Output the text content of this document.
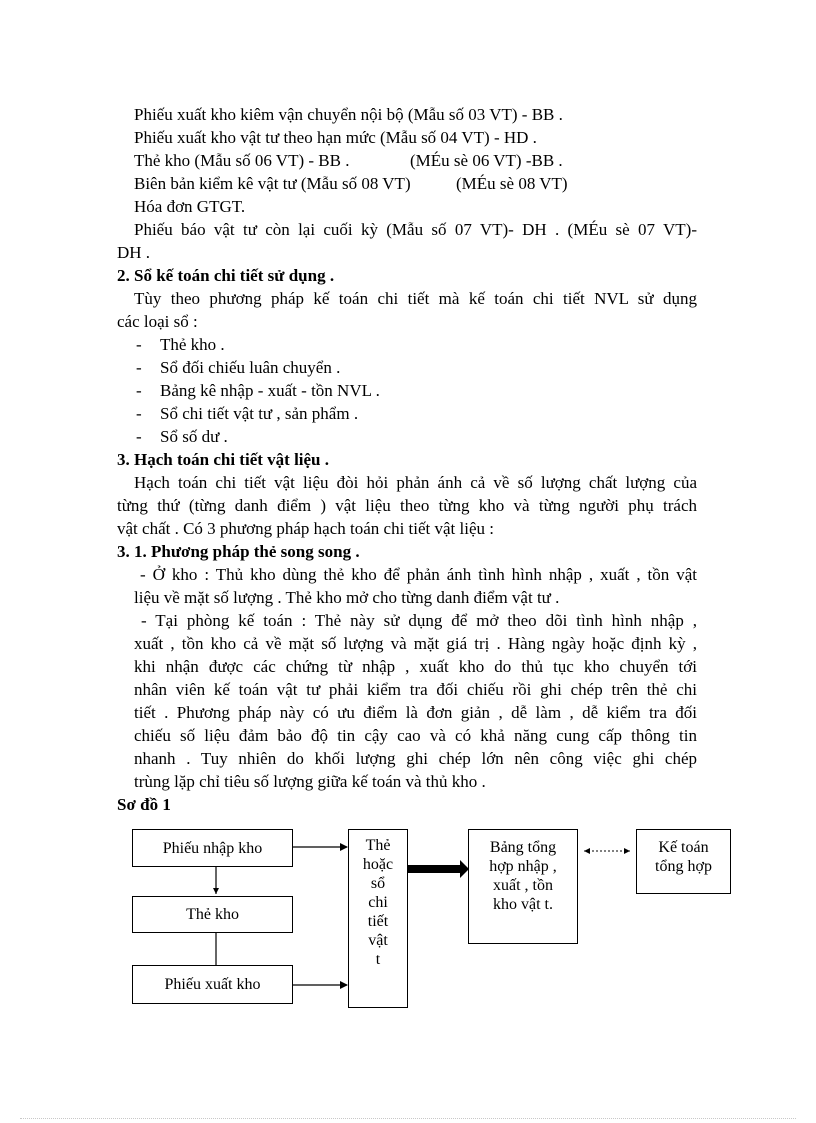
Phiếu xuất kho kiêm vận chuyển nội bộ (Mẫu số 03 VT) - BB .
Phiếu xuất kho vật tư theo hạn mức (Mẫu số 04 VT) - HD .
Thẻ kho (Mẫu số 06 VT) - BB .	(MÉu sè 06 VT) -BB .
Biên bản kiểm kê vật tư (Mẫu số 08 VT)	(MÉu sè 08 VT)
Hóa đơn GTGT.
Phiếu báo vật tư còn lại cuối kỳ (Mẫu số 07 VT)- DH . (MÉu sè 07 VT)-
DH .
2. Sổ kế toán chi tiết sử dụng .
Tùy theo phương pháp kế toán chi tiết mà kế toán chi tiết NVL sử dụng
các loại sổ :
- Thẻ kho .
- Sổ đối chiếu luân chuyển .
- Bảng kê nhập - xuất - tồn NVL .
- Sổ chi tiết vật tư , sản phẩm .
- Sổ số dư .
3. Hạch toán chi tiết vật liệu .
Hạch toán chi tiết vật liệu đòi hỏi phản ánh cả về số lượng chất lượng của
từng thứ (từng danh điểm ) vật liệu theo từng kho và từng người phụ trách
vật chất . Có 3 phương pháp hạch toán chi tiết vật liệu :
3. 1. Phương pháp thẻ song song .
- Ở kho : Thủ kho dùng thẻ kho để phản ánh tình hình nhập , xuất , tồn vật
liệu về mặt số lượng . Thẻ kho mở cho từng danh điểm vật tư .
- Tại phòng kế toán : Thẻ này sử dụng để mở theo dõi tình hình nhập ,
xuất , tồn kho cả về mặt số lượng và mặt giá trị . Hàng ngày hoặc định kỳ ,
khi nhận được các chứng từ nhập , xuất kho do thủ tục kho chuyển tới
nhân viên kế toán vật tư phải kiểm tra đối chiếu rồi ghi chép trên thẻ chi
tiết . Phương pháp này có ưu điểm là đơn giản , dễ làm , dễ kiểm tra đối
chiếu số liệu đảm bảo độ tin cậy cao và có khả năng cung cấp thông tin
nhanh . Tuy nhiên do khối lượng ghi chép lớn nên công việc ghi chép
trùng lặp chỉ tiêu số lượng giữa kế toán và thủ kho .
Sơ đồ 1
Phiếu nhập kho
Thẻ kho
Phiếu xuất kho
Thẻ
hoặc
sổ
chi
tiết
vật
t
Bảng tổng
hợp nhập ,
xuất , tồn
kho vật t.
Kế toán
tổng hợp
